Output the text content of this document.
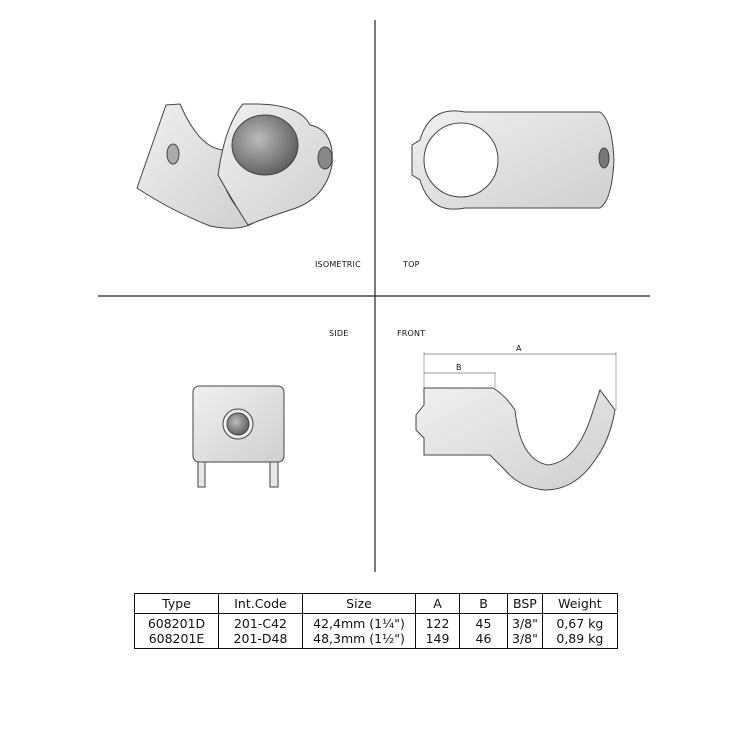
ISOMETRIC	TOP
SIDE	FRONT
A
B
Type	Int.Code	Size	A	B	BSP	Weight
608201D	201-C42	42,4mm (1¼")	122	45	3/8"	0,67 kg
608201E	201-D48	48,3mm (1½")	149	46	3/8"	0,89 kg
